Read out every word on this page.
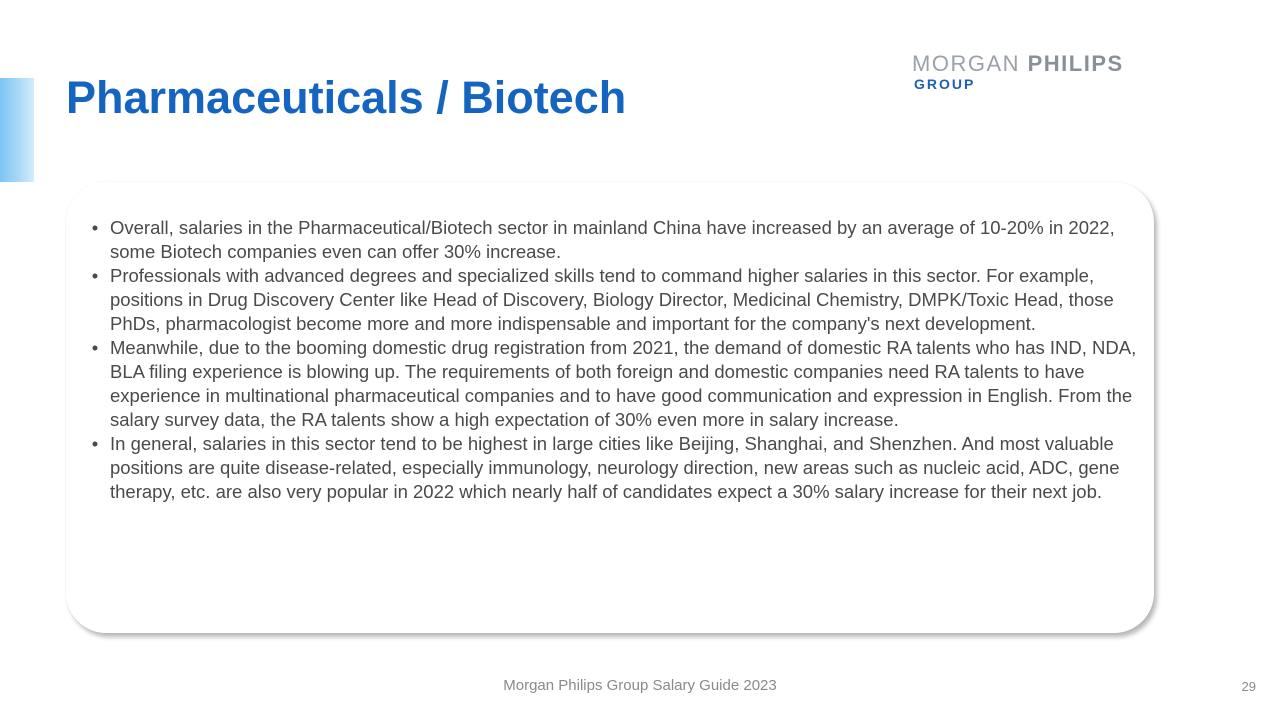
Pharmaceuticals / Biotech
MORGAN PHILIPS
GROUP
• Overall, salaries in the Pharmaceutical/Biotech sector in mainland China have increased by an average of 10-20% in 2022, some Biotech companies even can offer 30% increase.
• Professionals with advanced degrees and specialized skills tend to command higher salaries in this sector. For example, positions in Drug Discovery Center like Head of Discovery, Biology Director, Medicinal Chemistry, DMPK/Toxic Head, those PhDs, pharmacologist become more and more indispensable and important for the company's next development.
• Meanwhile, due to the booming domestic drug registration from 2021, the demand of domestic RA talents who has IND, NDA, BLA filing experience is blowing up. The requirements of both foreign and domestic companies need RA talents to have experience in multinational pharmaceutical companies and to have good communication and expression in English. From the salary survey data, the RA talents show a high expectation of 30% even more in salary increase.
• In general, salaries in this sector tend to be highest in large cities like Beijing, Shanghai, and Shenzhen. And most valuable positions are quite disease-related, especially immunology, neurology direction, new areas such as nucleic acid, ADC, gene therapy, etc. are also very popular in 2022 which nearly half of candidates expect a 30% salary increase for their next job.
Morgan Philips Group Salary Guide 2023	29
